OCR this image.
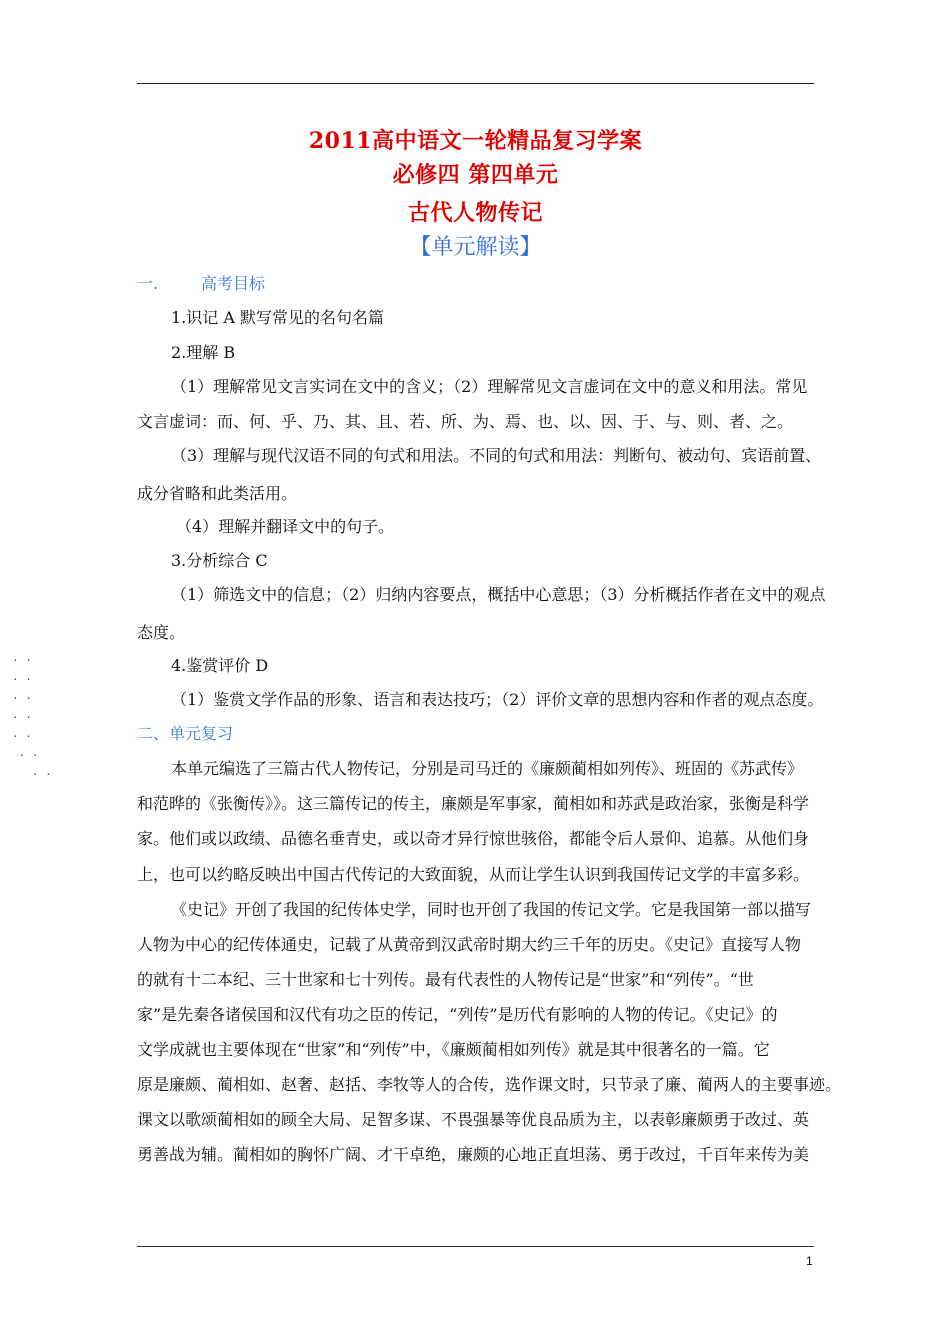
2011高中语文一轮精品复习学案
必修四 第四单元
古代人物传记
【单元解读】
一.	高考目标
1.识记 A 默写常见的名句名篇
2.理解 B
（1）理解常见文言实词在文中的含义；（2）理解常见文言虚词在文中的意义和用法。常见
文言虚词：而、何、乎、乃、其、且、若、所、为、焉、也、以、因、于、与、则、者、之。
（3）理解与现代汉语不同的句式和用法。不同的句式和用法：判断句、被动句、宾语前置、
成分省略和此类活用。
（4）理解并翻译文中的句子。
3.分析综合 C
（1）筛选文中的信息；（2）归纳内容要点，概括中心意思；（3）分析概括作者在文中的观点
态度。
4.鉴赏评价 D
（1）鉴赏文学作品的形象、语言和表达技巧；（2）评价文章的思想内容和作者的观点态度。
二、单元复习
本单元编选了三篇古代人物传记，分别是司马迁的《廉颇蔺相如列传》、班固的《苏武传》
和范晔的《张衡传》》。这三篇传记的传主，廉颇是军事家，蔺相如和苏武是政治家，张衡是科学
家。他们或以政绩、品德名垂青史，或以奇才异行惊世骇俗，都能令后人景仰、追慕。从他们身
上，也可以约略反映出中国古代传记的大致面貌，从而让学生认识到我国传记文学的丰富多彩。
《史记》开创了我国的纪传体史学，同时也开创了我国的传记文学。它是我国第一部以描写
人物为中心的纪传体通史，记载了从黄帝到汉武帝时期大约三千年的历史。《史记》直接写人物
的就有十二本纪、三十世家和七十列传。最有代表性的人物传记是“世家”和“列传”。“世
家”是先秦各诸侯国和汉代有功之臣的传记，“列传”是历代有影响的人物的传记。《史记》的
文学成就也主要体现在“世家”和“列传”中，《廉颇蔺相如列传》就是其中很著名的一篇。它
原是廉颇、蔺相如、赵奢、赵括、李牧等人的合传，选作课文时，只节录了廉、蔺两人的主要事迹。
课文以歌颂蔺相如的顾全大局、足智多谋、不畏强暴等优良品质为主，以表彰廉颇勇于改过、英
勇善战为辅。蔺相如的胸怀广阔、才干卓绝，廉颇的心地正直坦荡、勇于改过，千百年来传为美
. .
. .
. .
. .
. .
. .
. .
1
